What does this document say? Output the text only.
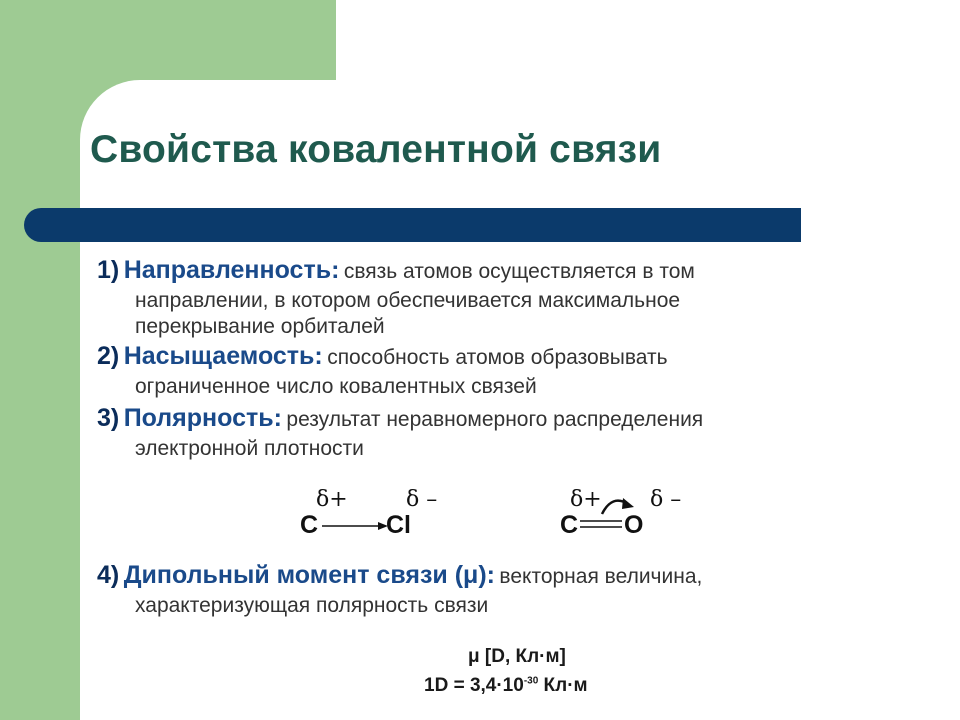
Свойства ковалентной связи
1) Направленность: связь атомов осуществляется в том
направлении, в котором обеспечивается максимальное
перекрывание орбиталей
2) Насыщаемость: способность атомов образовывать
ограниченное число ковалентных связей
3) Полярность: результат неравномерного распределения
электронной плотности
δ+
C	Cl
δ –	δ+
C O
δ –
4) Дипольный момент связи (μ): векторная величина,
характеризующая полярность связи
μ [D, Кл·м]
$1D = 3,4\cdot 10^{-30}$ Кл·м
